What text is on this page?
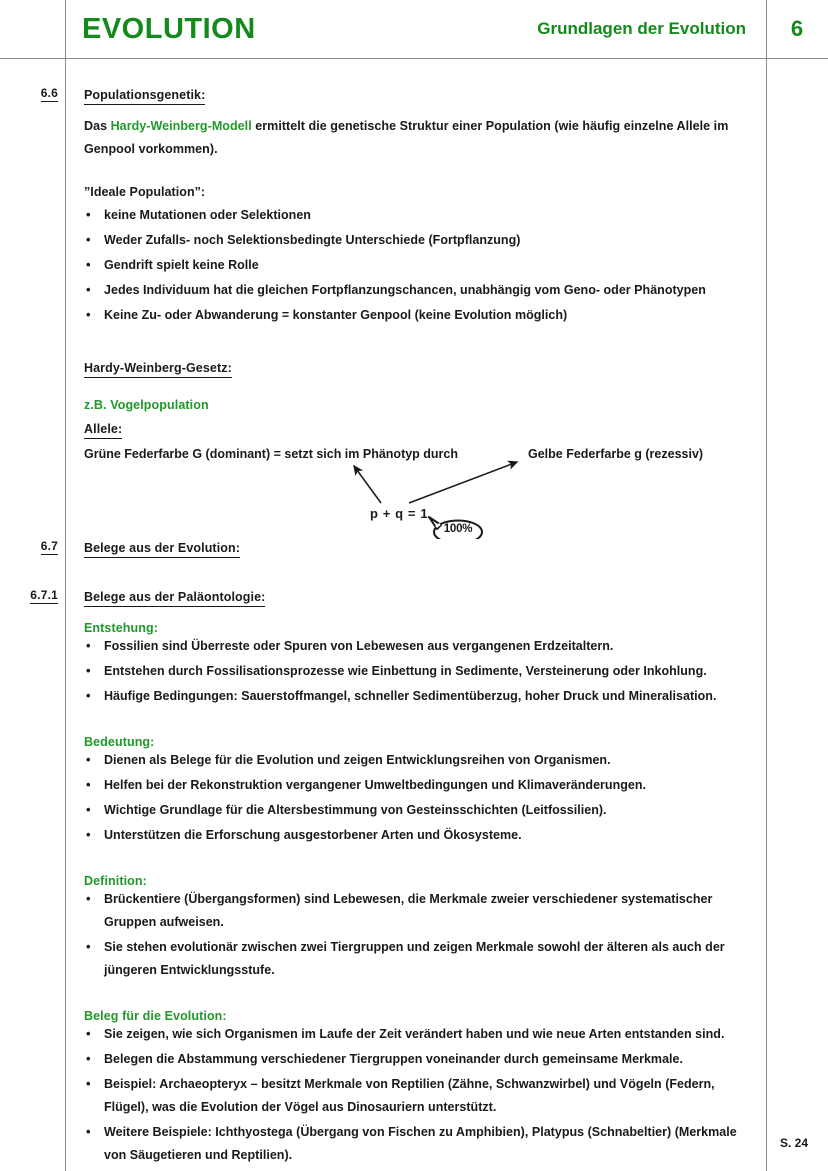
EVOLUTION	Grundlagen der Evolution	6
6.6 Populationsgenetik:
Das Hardy-Weinberg-Modell ermittelt die genetische Struktur einer Population (wie häufig einzelne Allele im Genpool vorkommen).
”Ideale Population”:
• keine Mutationen oder Selektionen
• Weder Zufalls- noch Selektionsbedingte Unterschiede (Fortpflanzung)
• Gendrift spielt keine Rolle
• Jedes Individuum hat die gleichen Fortpflanzungschancen, unabhängig vom Geno- oder Phänotypen
• Keine Zu- oder Abwanderung = konstanter Genpool (keine Evolution möglich)
Hardy-Weinberg-Gesetz:
z.B. Vogelpopulation
Allele:
Grüne Federfarbe G (dominant) = setzt sich im Phänotyp durch	Gelbe Federfarbe g (rezessiv)
p + q = 1
100%
6.7 Belege aus der Evolution:
6.7.1 Belege aus der Paläontologie:
Entstehung:
• Fossilien sind Überreste oder Spuren von Lebewesen aus vergangenen Erdzeitaltern.
• Entstehen durch Fossilisationsprozesse wie Einbettung in Sedimente, Versteinerung oder Inkohlung.
• Häufige Bedingungen: Sauerstoffmangel, schneller Sedimentüberzug, hoher Druck und Mineralisation.
Bedeutung:
• Dienen als Belege für die Evolution und zeigen Entwicklungsreihen von Organismen.
• Helfen bei der Rekonstruktion vergangener Umweltbedingungen und Klimaveränderungen.
• Wichtige Grundlage für die Altersbestimmung von Gesteinsschichten (Leitfossilien).
• Unterstützen die Erforschung ausgestorbener Arten und Ökosysteme.
Definition:
• Brückentiere (Übergangsformen) sind Lebewesen, die Merkmale zweier verschiedener systematischer Gruppen aufweisen.
• Sie stehen evolutionär zwischen zwei Tiergruppen und zeigen Merkmale sowohl der älteren als auch der jüngeren Entwicklungsstufe.
Beleg für die Evolution:
• Sie zeigen, wie sich Organismen im Laufe der Zeit verändert haben und wie neue Arten entstanden sind.
• Belegen die Abstammung verschiedener Tiergruppen voneinander durch gemeinsame Merkmale.
• Beispiel: Archaeopteryx – besitzt Merkmale von Reptilien (Zähne, Schwanzwirbel) und Vögeln (Federn, Flügel), was die Evolution der Vögel aus Dinosauriern unterstützt.
• Weitere Beispiele: Ichthyostega (Übergang von Fischen zu Amphibien), Platypus (Schnabeltier) (Merkmale von Säugetieren und Reptilien).
S. 24
